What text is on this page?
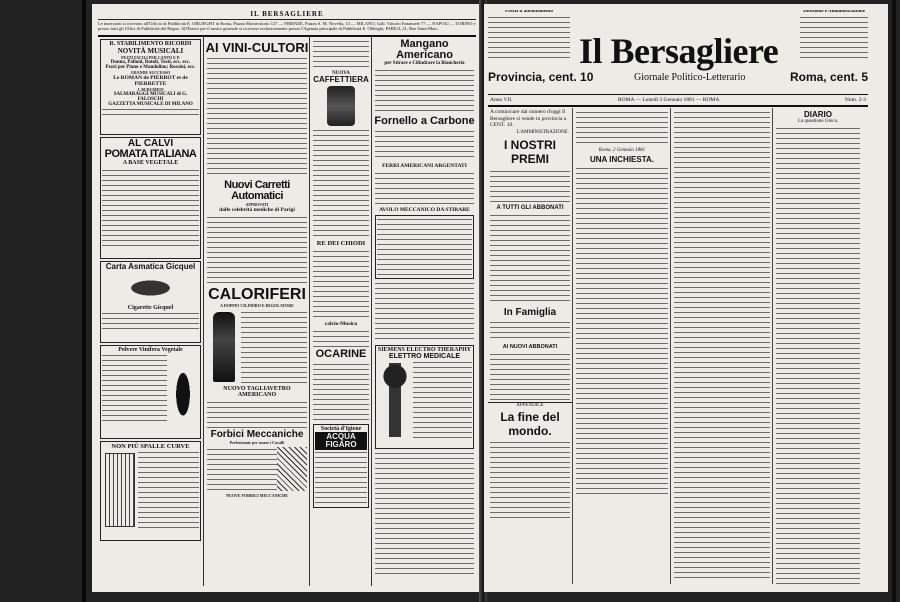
IL BERSAGLIERE
Le inserzioni si ricevono all'Ufficio di Pubblicità E. OBLIEGHT in Roma, Piazza Montecitorio 127 — FIRENZE, Piazza S. M. Novella, 13 — MILANO, Gall. Vittorio Emanuele 77 — NAPOLI — TORINO e presso tutti gli Uffici di Pubblicità del Regno. All'Estero per il nostro giornale si ricevono esclusivamente presso l'Agenzia principale di Pubblicità E. Oblieght, PARIGI, 21, Rue Saint-Marc.
R. STABILIMENTO RICORDI
NOVITÀ MUSICALI
PEZZI FACILI PER CANTO E P.
Donna, Palloni, Rotoli, Tosti, ecc. ecc.
Pezzi per Piano e Mandolino; Rossini, ecc.
GRANDE SUCCESSO
Le ROMAN de PIERROT et de PIERRETTE
J. BURGMEIN
SALMARAGGI MUSICALI di G. FALOSCHI
GAZZETTA MUSICALE DI MILANO
AL CALVI
POMATA ITALIANA
A BASE VEGETALE
Carta Asmatica Gicquel
Cigarette Gicquel
Polvere Vinifera Vegetale
NON PIÙ SPALLE CURVE
AI VINI-CULTORI
Nuovi Carretti Automatici
APPROVATI
dalle celebrità mediche di Parigi
CALORIFERI
A DOPPIO CILINDRO E REGOLATORE
NUOVO TAGLIAVETRO AMERICANO
Forbici Meccaniche
Perfezionate per tosare i Cavalli
NUOVE FORBICI MECCANICHE
NUOVA
CAFFETTIERA
RE DEI CHIODI
calcio-Musica
OCARINE
Società d'Igiene
ACQUA FIGARO
Mangano Americano
per Stirare e Cilindrare la Biancheria
Fornello a Carbone
FERRI AMERICANI ARGENTATI
AVOLO MECCANICO DA STIRARE
SIEMENS ELECTRO THERAPHY
ELETTRO MEDICALE
Prezzi d'abbonamento
Il Bersagliere
Direzione e Amministrazione
Provincia, cent. 10	Giornale Politico-Letterario	Roma, cent. 5
Anno VII.	ROMA — Lunedì 3 Gennaio 1881 — ROMA	Num. 2-3
A cominciare dal numero d'oggi Il Bersagliere si vende in provincia a CENT. 10.
L'AMMINISTRAZIONE.
I NOSTRI PREMI
A TUTTI GLI ABBONATI
In Famiglia
AI NUOVI ABBONATI
APPENDICE
La fine del mondo.
Roma, 2 Gennaio 1881
UNA INCHIESTA.
DIARIO
La questione Greca.
